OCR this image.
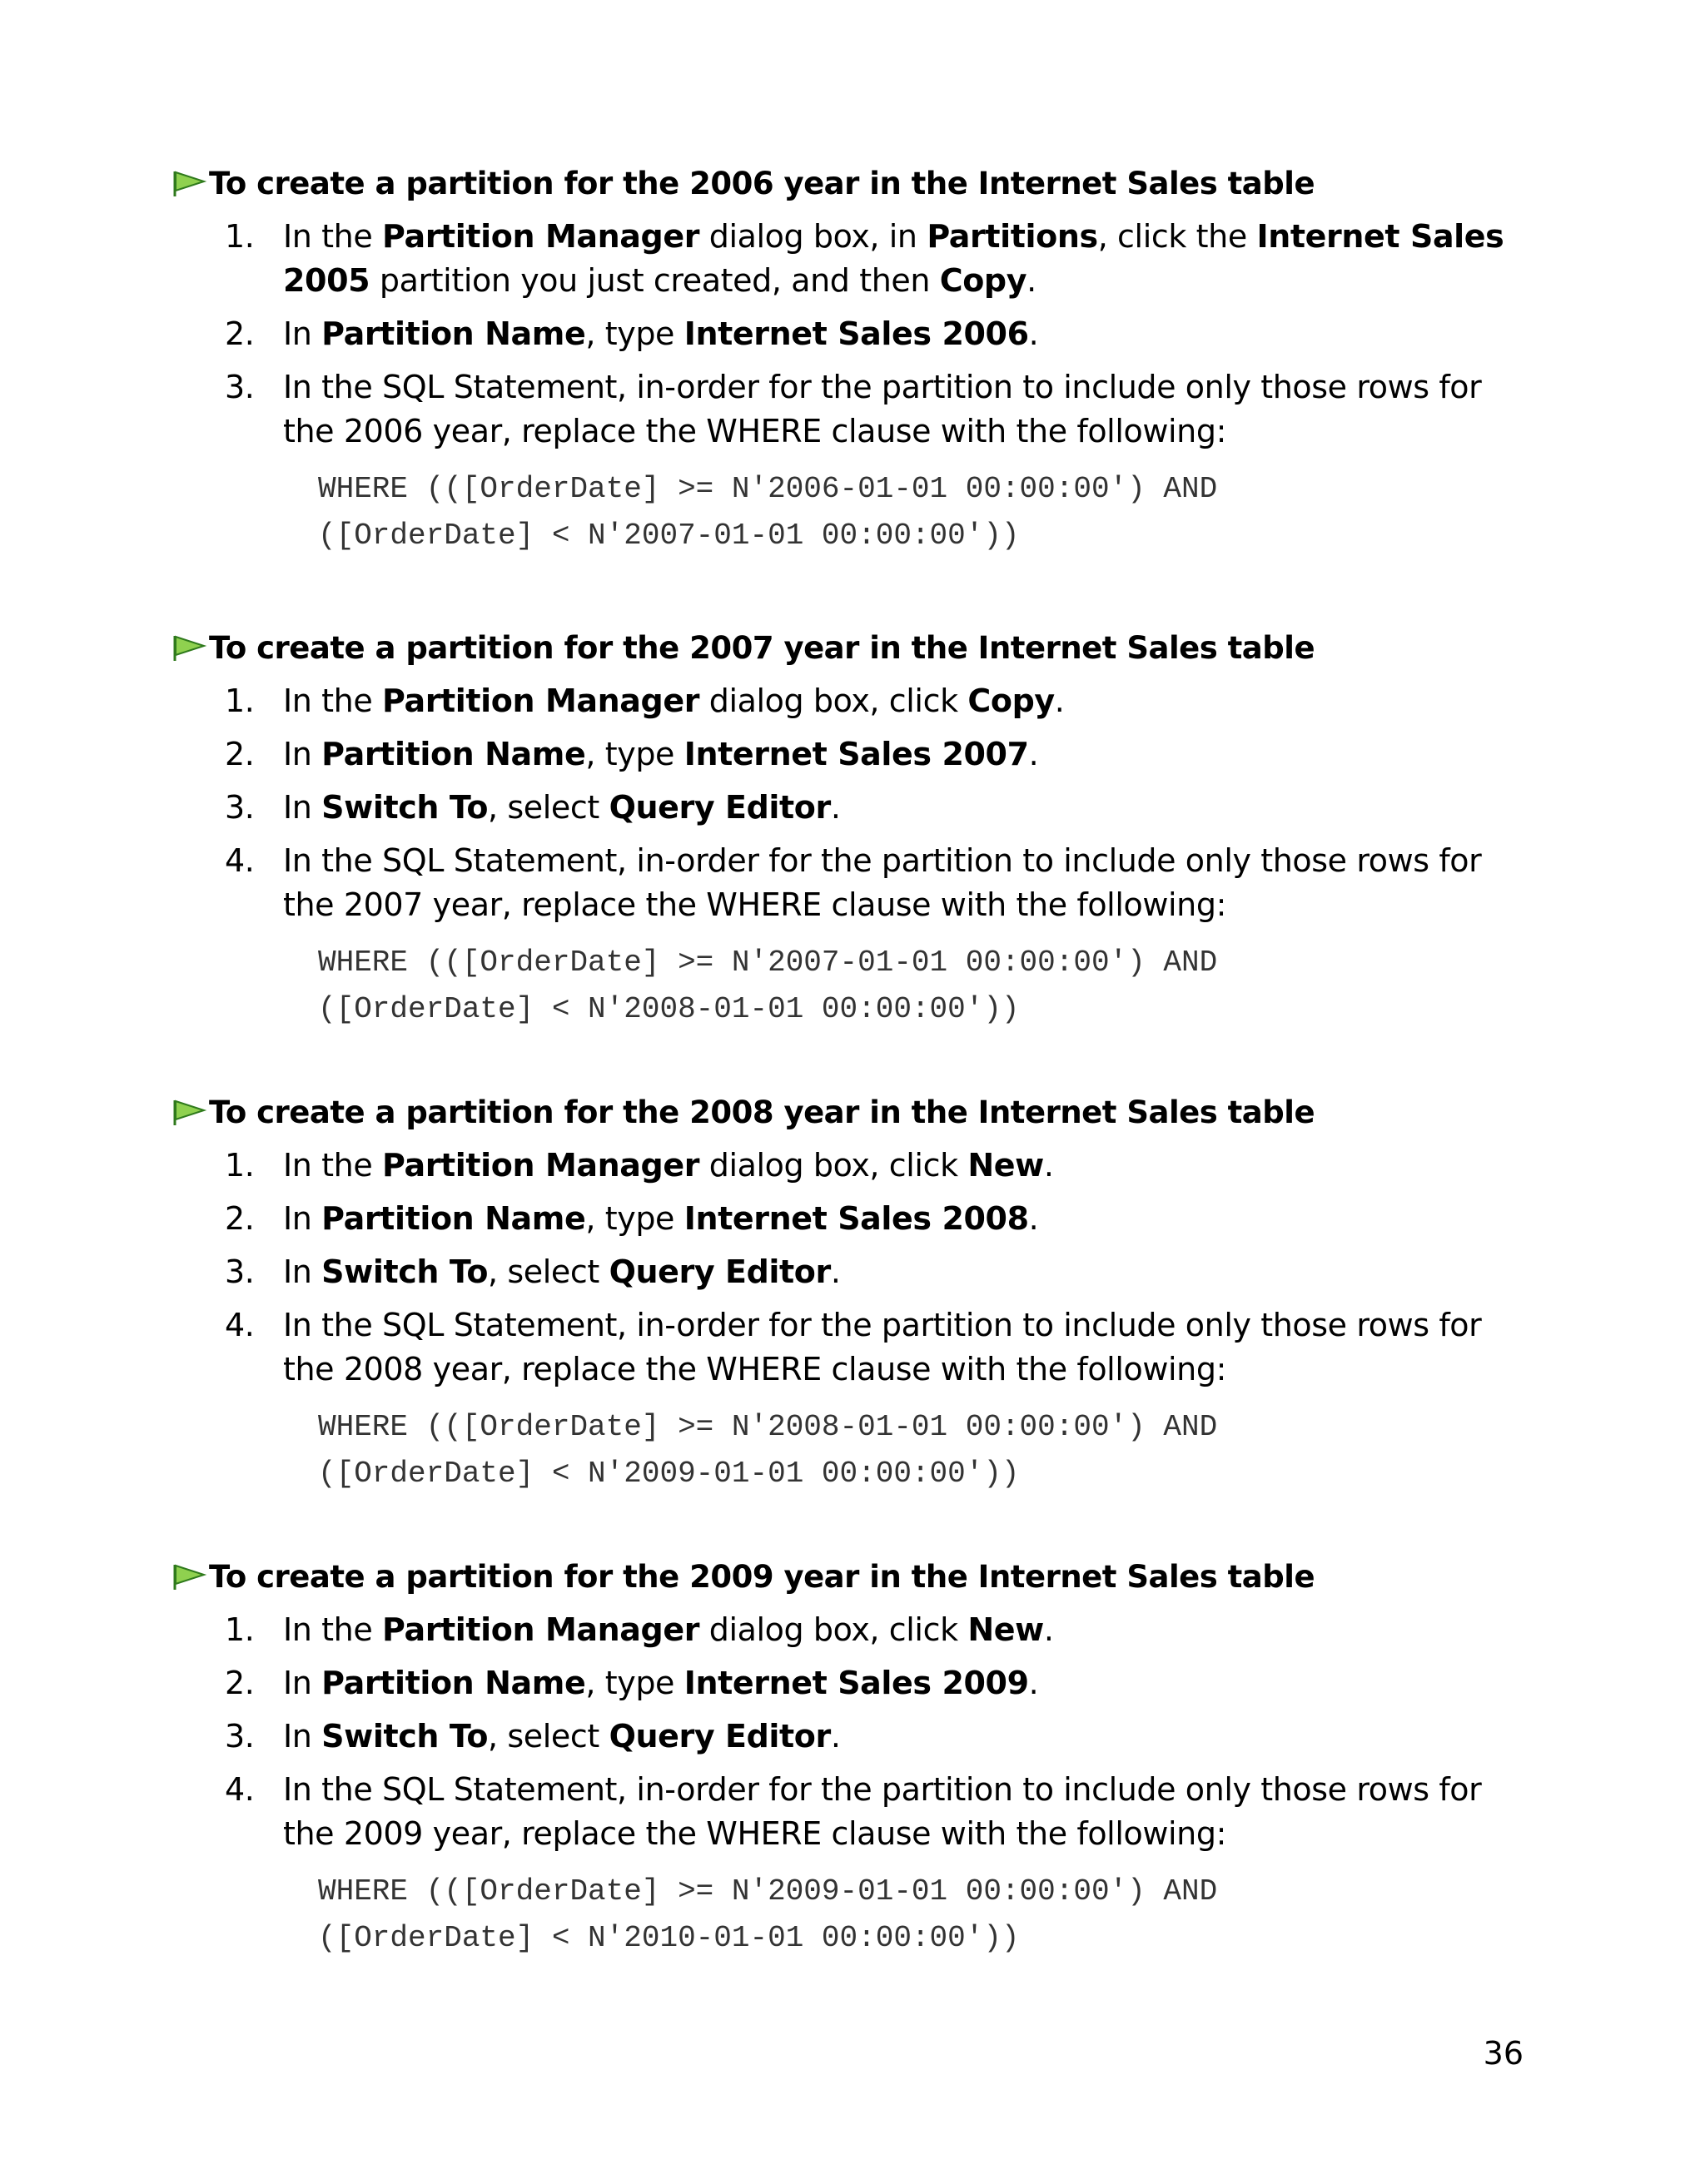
To create a partition for the 2006 year in the Internet Sales table
1. In the Partition Manager dialog box, in Partitions, click the Internet Sales 2005 partition you just created, and then Copy.
2. In Partition Name, type Internet Sales 2006.
3. In the SQL Statement, in-order for the partition to include only those rows for the 2006 year, replace the WHERE clause with the following:
WHERE (([OrderDate] >= N'2006-01-01 00:00:00') AND
([OrderDate] < N'2007-01-01 00:00:00'))
To create a partition for the 2007 year in the Internet Sales table
1. In the Partition Manager dialog box, click Copy.
2. In Partition Name, type Internet Sales 2007.
3. In Switch To, select Query Editor.
4. In the SQL Statement, in-order for the partition to include only those rows for the 2007 year, replace the WHERE clause with the following:
WHERE (([OrderDate] >= N'2007-01-01 00:00:00') AND
([OrderDate] < N'2008-01-01 00:00:00'))
To create a partition for the 2008 year in the Internet Sales table
1. In the Partition Manager dialog box, click New.
2. In Partition Name, type Internet Sales 2008.
3. In Switch To, select Query Editor.
4. In the SQL Statement, in-order for the partition to include only those rows for the 2008 year, replace the WHERE clause with the following:
WHERE (([OrderDate] >= N'2008-01-01 00:00:00') AND
([OrderDate] < N'2009-01-01 00:00:00'))
To create a partition for the 2009 year in the Internet Sales table
1. In the Partition Manager dialog box, click New.
2. In Partition Name, type Internet Sales 2009.
3. In Switch To, select Query Editor.
4. In the SQL Statement, in-order for the partition to include only those rows for the 2009 year, replace the WHERE clause with the following:
WHERE (([OrderDate] >= N'2009-01-01 00:00:00') AND
([OrderDate] < N'2010-01-01 00:00:00'))
36
